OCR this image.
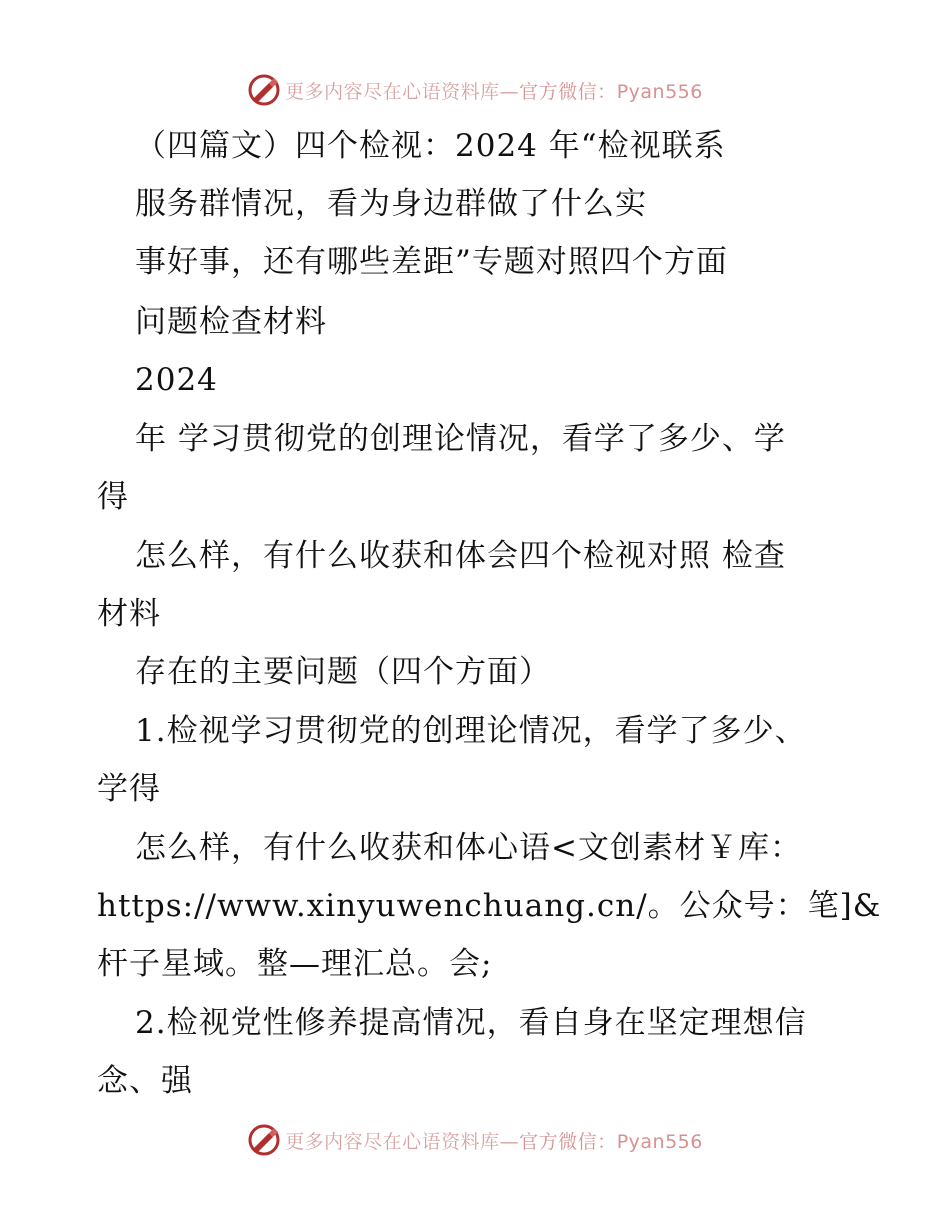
更多内容尽在心语资料库—官方微信：Pyan556
（四篇文）四个检视：2024 年“检视联系
服务群情况，看为身边群做了什么实
事好事，还有哪些差距”专题对照四个方面
问题检查材料
2024
年 学习贯彻党的创理论情况，看学了多少、学
得
怎么样，有什么收获和体会四个检视对照 检查
材料
存在的主要问题（四个方面）
1.检视学习贯彻党的创理论情况，看学了多少、
学得
怎么样，有什么收获和体心语<文创素材￥库：
https://www.xinyuwenchuang.cn/。公众号：笔]&
杆子星域。整—理汇总。会;
2.检视党性修养提高情况，看自身在坚定理想信
念、强
更多内容尽在心语资料库—官方微信：Pyan556
